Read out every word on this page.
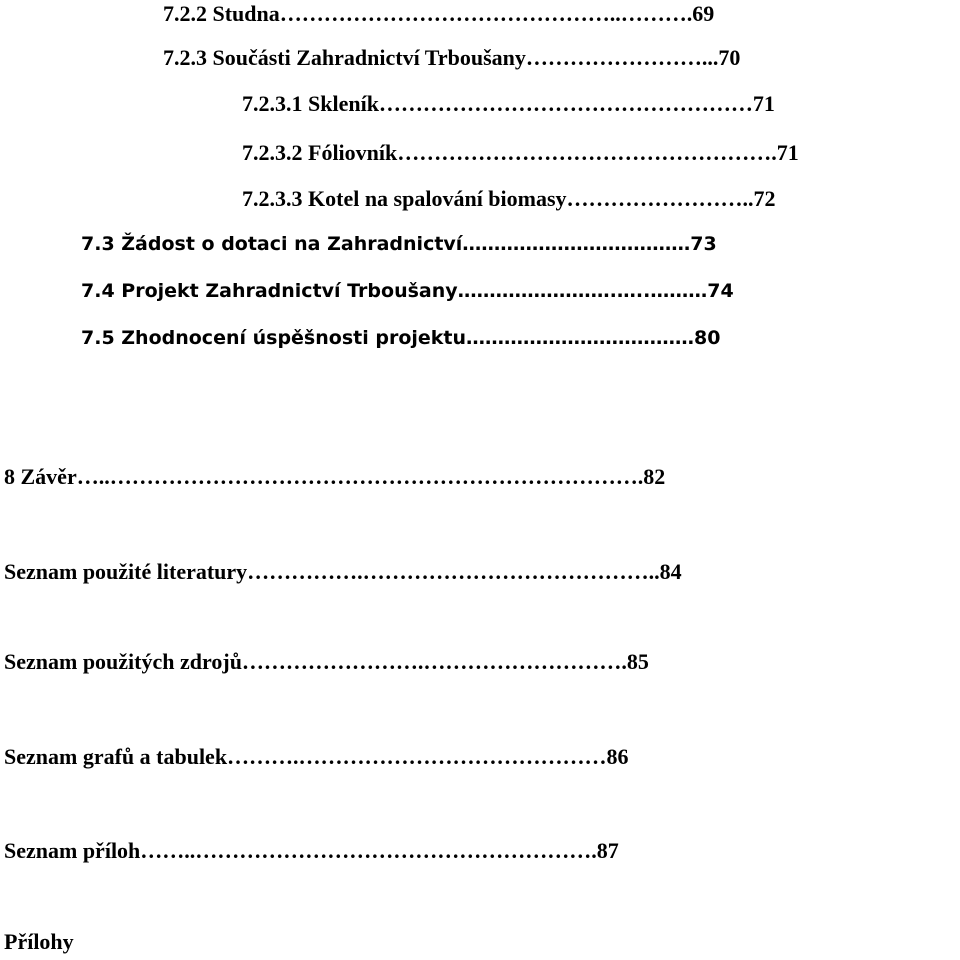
7.2.2 Studna………………………………………..……….69
7.2.3 Součásti Zahradnictví Trboušany……………………...70
7.2.3.1 Skleník……………………………………………71
7.2.3.2 Fóliovník…………………………………………….71
7.2.3.3 Kotel na spalování biomasy……………………..72
7.3 Žádost o dotaci na Zahradnictví………………………………73
7.4 Projekt Zahradnictví Trboušany…………………….…..………74
7.5 Zhodnocení úspěšnosti projektu………………………………80
8 Závěr…..……………………………………………………………….82
Seznam použité literatury…………….…………………………………..84
Seznam použitých zdrojů…………………….……………………….85
Seznam grafů a tabulek……….……………………………………86
Seznam příloh……..……………………………………………….87
Přílohy
